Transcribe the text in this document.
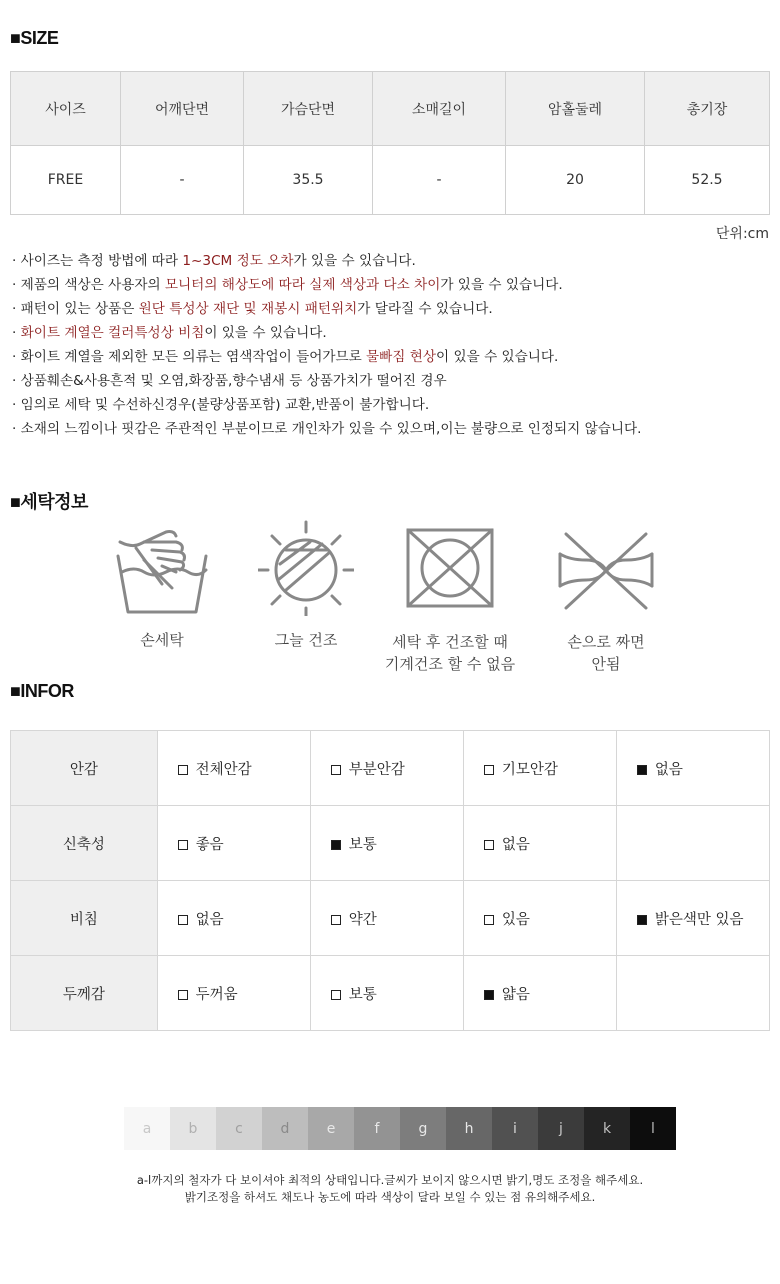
■SIZE
사이즈	어깨단면	가슴단면	소매길이	암홀둘레	총기장
FREE	-	35.5	-	20	52.5
단위:cm
· 사이즈는 측정 방법에 따라 1~3CM 정도 오차가 있을 수 있습니다.
· 제품의 색상은 사용자의 모니터의 해상도에 따라 실제 색상과 다소 차이가 있을 수 있습니다.
· 패턴이 있는 상품은 원단 특성상 재단 및 재봉시 패턴위치가 달라질 수 있습니다.
· 화이트 계열은 컬러특성상 비침이 있을 수 있습니다.
· 화이트 계열을 제외한 모든 의류는 염색작업이 들어가므로 물빠짐 현상이 있을 수 있습니다.
· 상품훼손&사용흔적 및 오염,화장품,향수냄새 등 상품가치가 떨어진 경우
· 임의로 세탁 및 수선하신경우(불량상품포함) 교환,반품이 불가합니다.
· 소재의 느낌이나 핏감은 주관적인 부분이므로 개인차가 있을 수 있으며,이는 불량으로 인정되지 않습니다.
■세탁정보
손세탁	그늘 건조	세탁 후 건조할 때
기계건조 할 수 없음
손으로 짜면
안됨
■INFOR
안감	전체안감	부분안감	기모안감	없음
신축성	좋음	보통	없음	
비침	없음	약간	있음	밝은색만 있음
두께감	두꺼움	보통	얇음	
a	b	c	d	e	f	g	h	i	j	k	l
a-l까지의 철자가 다 보이셔야 최적의 상태입니다.글씨가 보이지 않으시면 밝기,명도 조정을 해주세요.
밝기조정을 하셔도 채도나 농도에 따라 색상이 달라 보일 수 있는 점 유의해주세요.
